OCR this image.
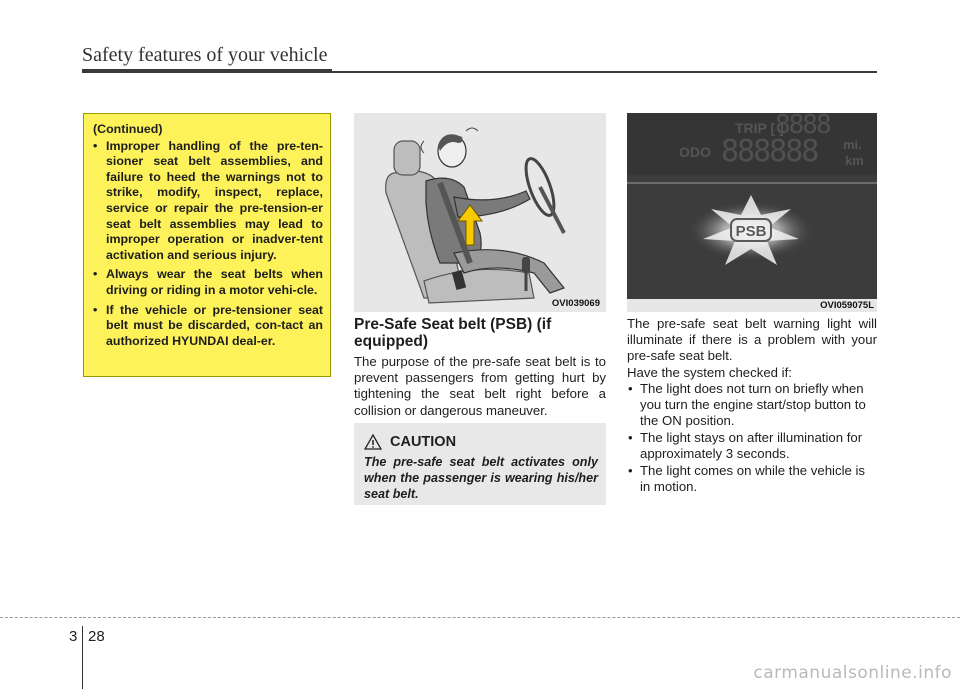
Safety features of your vehicle
(Continued)
• Improper handling of the pre-ten-sioner seat belt assemblies, and failure to heed the warnings not to strike, modify, inspect, replace, service or repair the pre-tension-er seat belt assemblies may lead to improper operation or inadver-tent activation and serious injury.
• Always wear the seat belts when driving or riding in a motor vehi-cle.
• If the vehicle or pre-tensioner seat belt must be discarded, con-tact an authorized HYUNDAI deal-er.
OVI039069
TRIP [ ]
ODO 888888
8888
mi.
km
PSB
OVI059075L
Pre-Safe Seat belt (PSB) (if equipped)
The purpose of the pre-safe seat belt is to prevent passengers from getting hurt by tightening the seat belt right before a collision or dangerous maneuver.
CAUTION
The pre-safe seat belt activates only when the passenger is wearing his/her seat belt.
The pre-safe seat belt warning light will illuminate if there is a problem with your pre-safe seat belt.
Have the system checked if:
• The light does not turn on briefly when you turn the engine start/stop button to the ON position.
• The light stays on after illumination for approximately 3 seconds.
• The light comes on while the vehicle is in motion.
3 28
carmanualsonline.info
